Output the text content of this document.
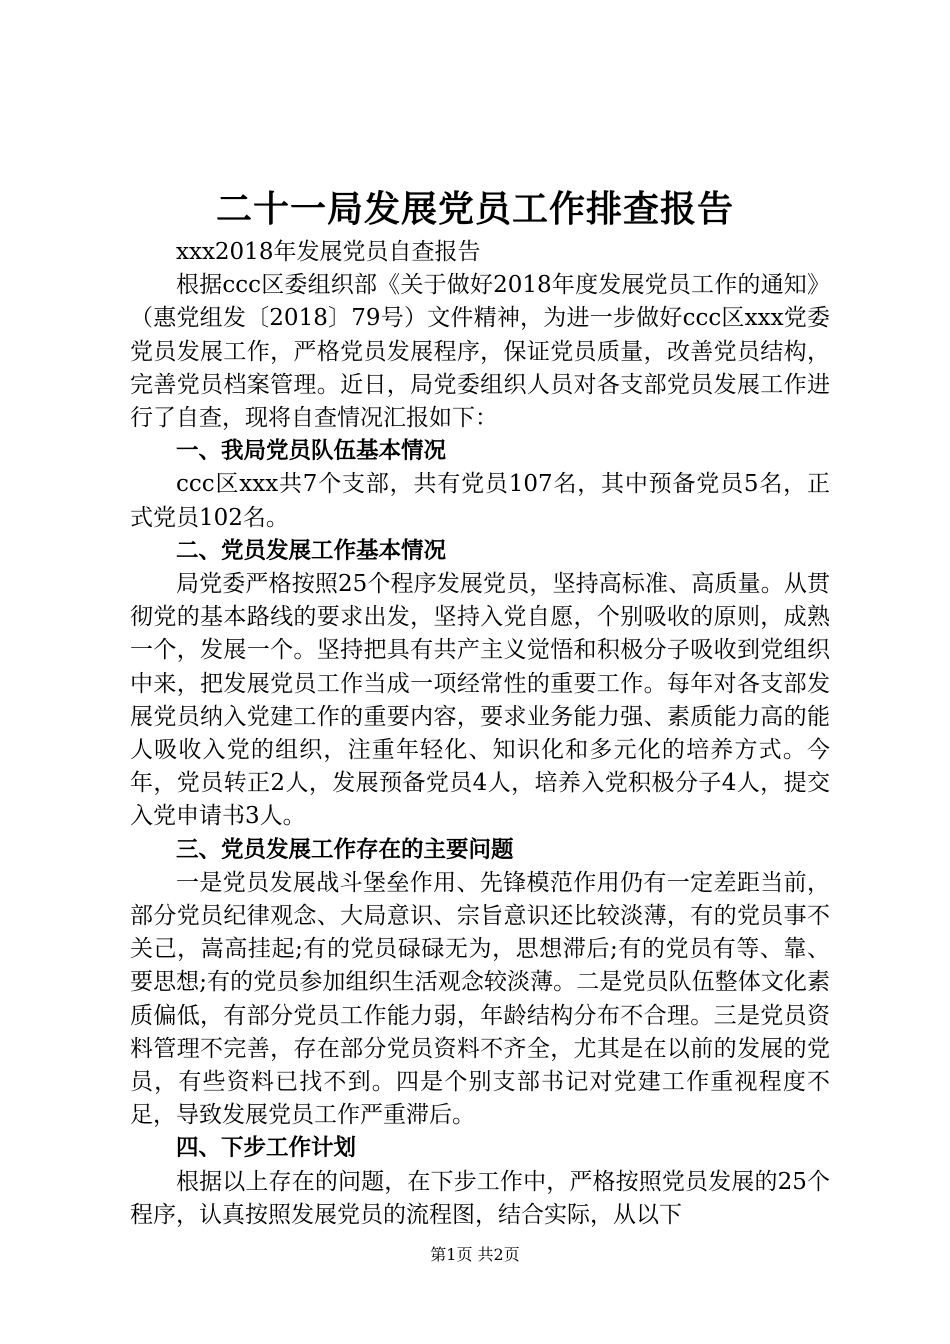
二十一局发展党员工作排查报告

xxx2018年发展党员自查报告

根据ccc区委组织部《关于做好2018年度发展党员工作的通知》（惠党组发〔2018〕79号）文件精神，为进一步做好ccc区xxx党委党员发展工作，严格党员发展程序，保证党员质量，改善党员结构，完善党员档案管理。近日，局党委组织人员对各支部党员发展工作进行了自查，现将自查情况汇报如下：

一、我局党员队伍基本情况

ccc区xxx共7个支部，共有党员107名，其中预备党员5名，正式党员102名。

二、党员发展工作基本情况

局党委严格按照25个程序发展党员，坚持高标准、高质量。从贯彻党的基本路线的要求出发，坚持入党自愿，个别吸收的原则，成熟一个，发展一个。坚持把具有共产主义觉悟和积极分子吸收到党组织中来，把发展党员工作当成一项经常性的重要工作。每年对各支部发展党员纳入党建工作的重要内容，要求业务能力强、素质能力高的能人吸收入党的组织，注重年轻化、知识化和多元化的培养方式。今年，党员转正2人，发展预备党员4人，培养入党积极分子4人，提交入党申请书3人。

三、党员发展工作存在的主要问题

一是党员发展战斗堡垒作用、先锋模范作用仍有一定差距当前，部分党员纪律观念、大局意识、宗旨意识还比较淡薄，有的党员事不关己，嵩高挂起;有的党员碌碌无为，思想滞后;有的党员有等、靠、要思想;有的党员参加组织生活观念较淡薄。二是党员队伍整体文化素质偏低，有部分党员工作能力弱，年龄结构分布不合理。三是党员资料管理不完善，存在部分党员资料不齐全，尤其是在以前的发展的党员，有些资料已找不到。四是个别支部书记对党建工作重视程度不足，导致发展党员工作严重滞后。

四、下步工作计划

根据以上存在的问题，在下步工作中，严格按照党员发展的25个程序，认真按照发展党员的流程图，结合实际，从以下

第1页 共2页
